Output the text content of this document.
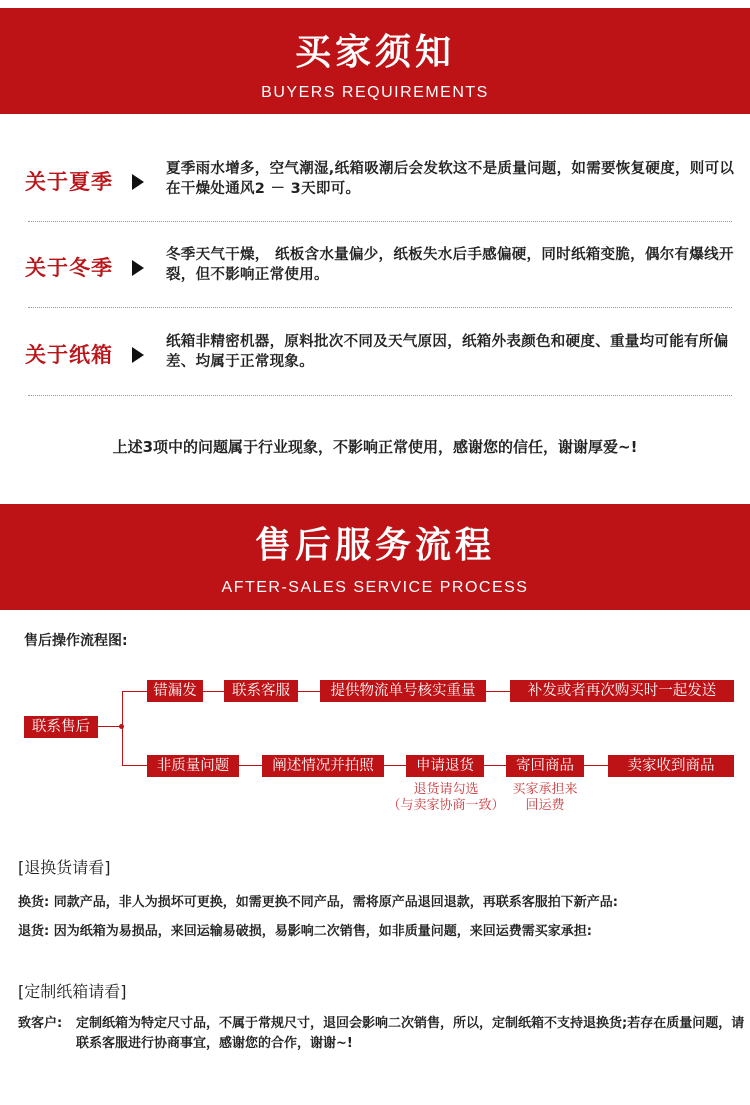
买家须知
BUYERS REQUIREMENTS
关于夏季
夏季雨水增多，空气潮湿,纸箱吸潮后会发软这不是质量问题，如需要恢复硬度，则可以在干燥处通风2 － 3天即可。
关于冬季
冬季天气干燥， 纸板含水量偏少，纸板失水后手感偏硬，同时纸箱变脆，偶尔有爆线开裂，但不影响正常使用。
关于纸箱
纸箱非精密机器，原料批次不同及天气原因，纸箱外表颜色和硬度、重量均可能有所偏差、均属于正常现象。
上述3项中的问题属于行业现象，不影响正常使用，感谢您的信任，谢谢厚爱~!
售后服务流程
AFTER-SALES SERVICE PROCESS
售后操作流程图:
联系售后
错漏发	联系客服	提供物流单号核实重量	补发或者再次购买时一起发送
非质量问题	阐述情况并拍照	申请退货	寄回商品	卖家收到商品
退货请勾选
（与卖家协商一致）
买家承担来
回运费
[退换货请看]
换货: 同款产品，非人为损坏可更换，如需更换不同产品，需将原产品退回退款，再联系客服拍下新产品:
退货: 因为纸箱为易损品，来回运输易破损，易影响二次销售，如非质量问题，来回运费需买家承担:
[定制纸箱请看]
致客户: 定制纸箱为特定尺寸品，不属于常规尺寸，退回会影响二次销售，所以，定制纸箱不支持退换货;若存在质量问题，请联系客服进行协商事宜，感谢您的合作，谢谢~!
